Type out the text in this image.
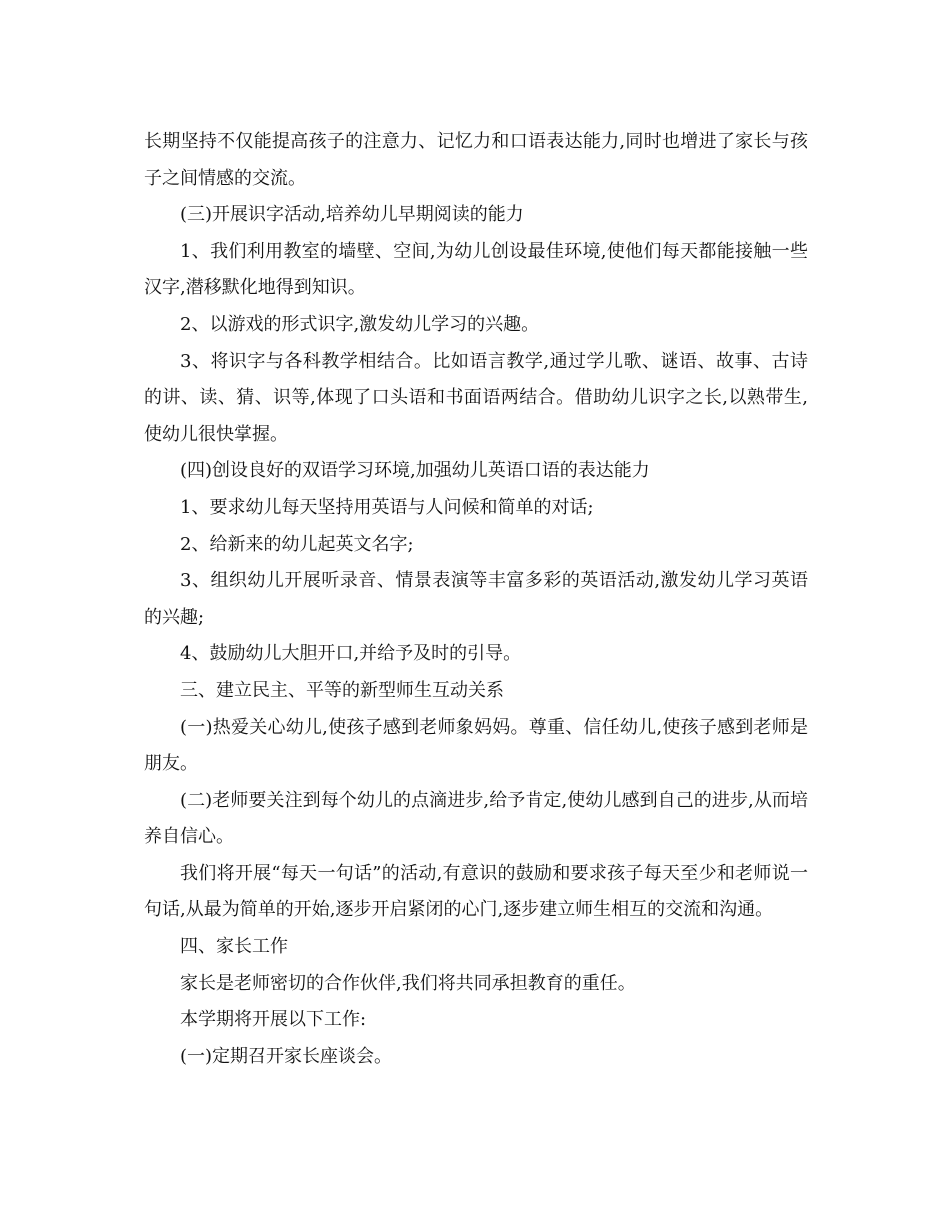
长期坚持不仅能提高孩子的注意力、记忆力和口语表达能力,同时也增进了家长与孩子之间情感的交流。

(三)开展识字活动,培养幼儿早期阅读的能力

1、我们利用教室的墙壁、空间,为幼儿创设最佳环境,使他们每天都能接触一些汉字,潜移默化地得到知识。

2、以游戏的形式识字,激发幼儿学习的兴趣。

3、将识字与各科教学相结合。比如语言教学,通过学儿歌、谜语、故事、古诗的讲、读、猜、识等,体现了口头语和书面语两结合。借助幼儿识字之长,以熟带生,使幼儿很快掌握。

(四)创设良好的双语学习环境,加强幼儿英语口语的表达能力

1、要求幼儿每天坚持用英语与人问候和简单的对话;

2、给新来的幼儿起英文名字;

3、组织幼儿开展听录音、情景表演等丰富多彩的英语活动,激发幼儿学习英语的兴趣;

4、鼓励幼儿大胆开口,并给予及时的引导。

三、建立民主、平等的新型师生互动关系

(一)热爱关心幼儿,使孩子感到老师象妈妈。尊重、信任幼儿,使孩子感到老师是朋友。

(二)老师要关注到每个幼儿的点滴进步,给予肯定,使幼儿感到自己的进步,从而培养自信心。

我们将开展“每天一句话”的活动,有意识的鼓励和要求孩子每天至少和老师说一句话,从最为简单的开始,逐步开启紧闭的心门,逐步建立师生相互的交流和沟通。

四、家长工作

家长是老师密切的合作伙伴,我们将共同承担教育的重任。

本学期将开展以下工作:

(一)定期召开家长座谈会。
